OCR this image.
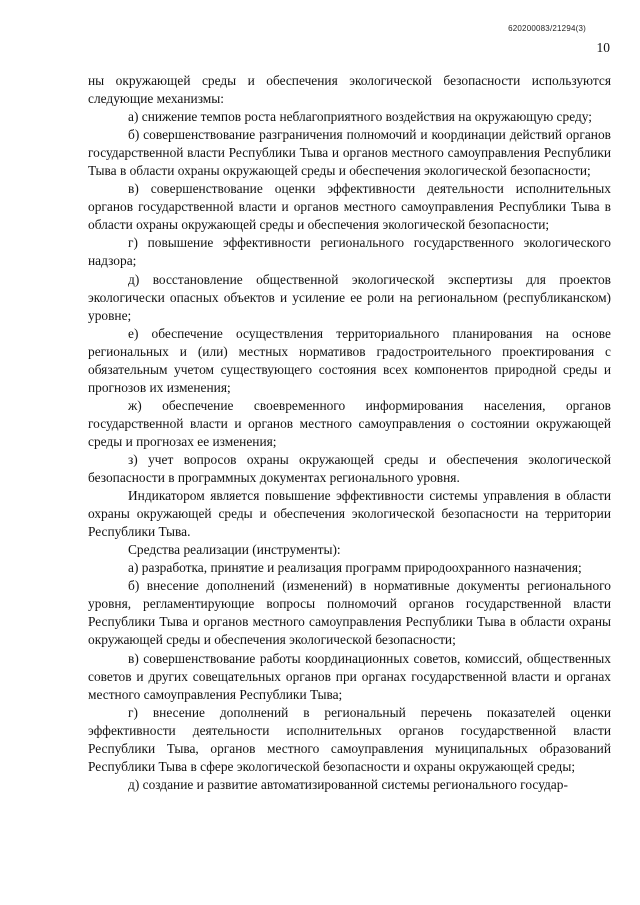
620200083/21294(3)
10

ны окружающей среды и обеспечения экологической безопасности используются следующие механизмы:

а) снижение темпов роста неблагоприятного воздействия на окружающую среду;

б) совершенствование разграничения полномочий и координации действий органов государственной власти Республики Тыва и органов местного самоуправления Республики Тыва в области охраны окружающей среды и обеспечения экологической безопасности;

в) совершенствование оценки эффективности деятельности исполнительных органов государственной власти и органов местного самоуправления Республики Тыва в области охраны окружающей среды и обеспечения экологической безопасности;

г) повышение эффективности регионального государственного экологического надзора;

д) восстановление общественной экологической экспертизы для проектов экологически опасных объектов и усиление ее роли на региональном (республиканском) уровне;

е) обеспечение осуществления территориального планирования на основе региональных и (или) местных нормативов градостроительного проектирования с обязательным учетом существующего состояния всех компонентов природной среды и прогнозов их изменения;

ж) обеспечение своевременного информирования населения, органов государственной власти и органов местного самоуправления о состоянии окружающей среды и прогнозах ее изменения;

з) учет вопросов охраны окружающей среды и обеспечения экологической безопасности в программных документах регионального уровня.

Индикатором является повышение эффективности системы управления в области охраны окружающей среды и обеспечения экологической безопасности на территории Республики Тыва.

Средства реализации (инструменты):

а) разработка, принятие и реализация программ природоохранного назначения;

б) внесение дополнений (изменений) в нормативные документы регионального уровня, регламентирующие вопросы полномочий органов государственной власти Республики Тыва и органов местного самоуправления Республики Тыва в области охраны окружающей среды и обеспечения экологической безопасности;

в) совершенствование работы координационных советов, комиссий, общественных советов и других совещательных органов при органах государственной власти и органах местного самоуправления Республики Тыва;

г) внесение дополнений в региональный перечень показателей оценки эффективности деятельности исполнительных органов государственной власти Республики Тыва, органов местного самоуправления муниципальных образований Республики Тыва в сфере экологической безопасности и охраны окружающей среды;

д) создание и развитие автоматизированной системы регионального государ-
